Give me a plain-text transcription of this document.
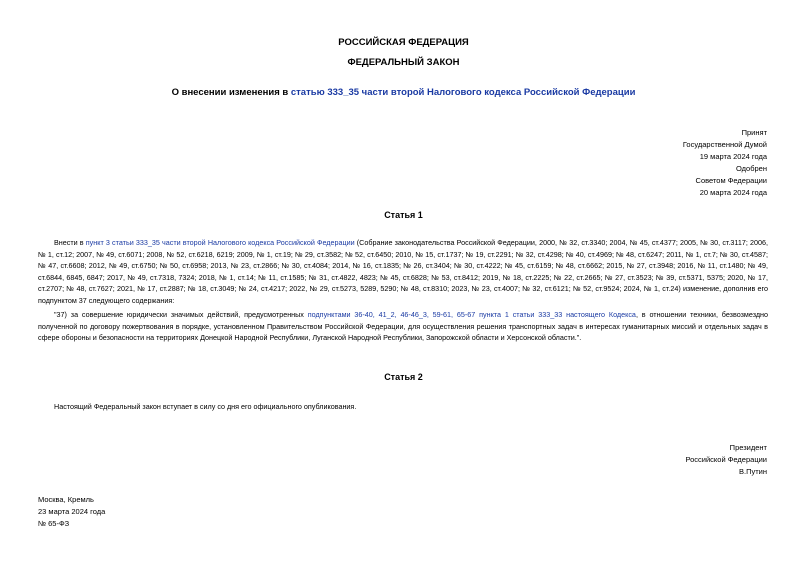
РОССИЙСКАЯ ФЕДЕРАЦИЯ
ФЕДЕРАЛЬНЫЙ ЗАКОН
О внесении изменения в статью 333_35 части второй Налогового кодекса Российской Федерации
Принят
Государственной Думой
19 марта 2024 года
Одобрен
Советом Федерации
20 марта 2024 года
Статья 1
Внести в пункт 3 статьи 333_35 части второй Налогового кодекса Российской Федерации (Собрание законодательства Российской Федерации, 2000, № 32, ст.3340; 2004, № 45, ст.4377; 2005, № 30, ст.3117; 2006, № 1, ст.12; 2007, № 49, ст.6071; 2008, № 52, ст.6218, 6219; 2009, № 1, ст.19; № 29, ст.3582; № 52, ст.6450; 2010, № 15, ст.1737; № 19, ст.2291; № 32, ст.4298; № 40, ст.4969; № 48, ст.6247; 2011, № 1, ст.7; № 30, ст.4587; № 47, ст.6608; 2012, № 49, ст.6750; № 50, ст.6958; 2013, № 23, ст.2866; № 30, ст.4084; 2014, № 16, ст.1835; № 26, ст.3404; № 30, ст.4222; № 45, ст.6159; № 48, ст.6662; 2015, № 27, ст.3948; 2016, № 11, ст.1480; № 49, ст.6844, 6845, 6847; 2017, № 49, ст.7318, 7324; 2018, № 1, ст.14; № 11, ст.1585; № 31, ст.4822, 4823; № 45, ст.6828; № 53, ст.8412; 2019, № 18, ст.2225; № 22, ст.2665; № 27, ст.3523; № 39, ст.5371, 5375; 2020, № 17, ст.2707; № 48, ст.7627; 2021, № 17, ст.2887; № 18, ст.3049; № 24, ст.4217; 2022, № 29, ст.5273, 5289, 5290; № 48, ст.8310; 2023, № 23, ст.4007; № 32, ст.6121; № 52, ст.9524; 2024, № 1, ст.24) изменение, дополнив его подпунктом 37 следующего содержания:
"37) за совершение юридически значимых действий, предусмотренных подпунктами 36-40, 41_2, 46-46_3, 59-61, 65-67 пункта 1 статьи 333_33 настоящего Кодекса, в отношении техники, безвозмездно полученной по договору пожертвования в порядке, установленном Правительством Российской Федерации, для осуществления решения транспортных задач в интересах гуманитарных миссий и отдельных задач в сфере обороны и безопасности на территориях Донецкой Народной Республики, Луганской Народной Республики, Запорожской области и Херсонской области.".
Статья 2
Настоящий Федеральный закон вступает в силу со дня его официального опубликования.
Президент
Российской Федерации
В.Путин
Москва, Кремль
23 марта 2024 года
№ 65-ФЗ
